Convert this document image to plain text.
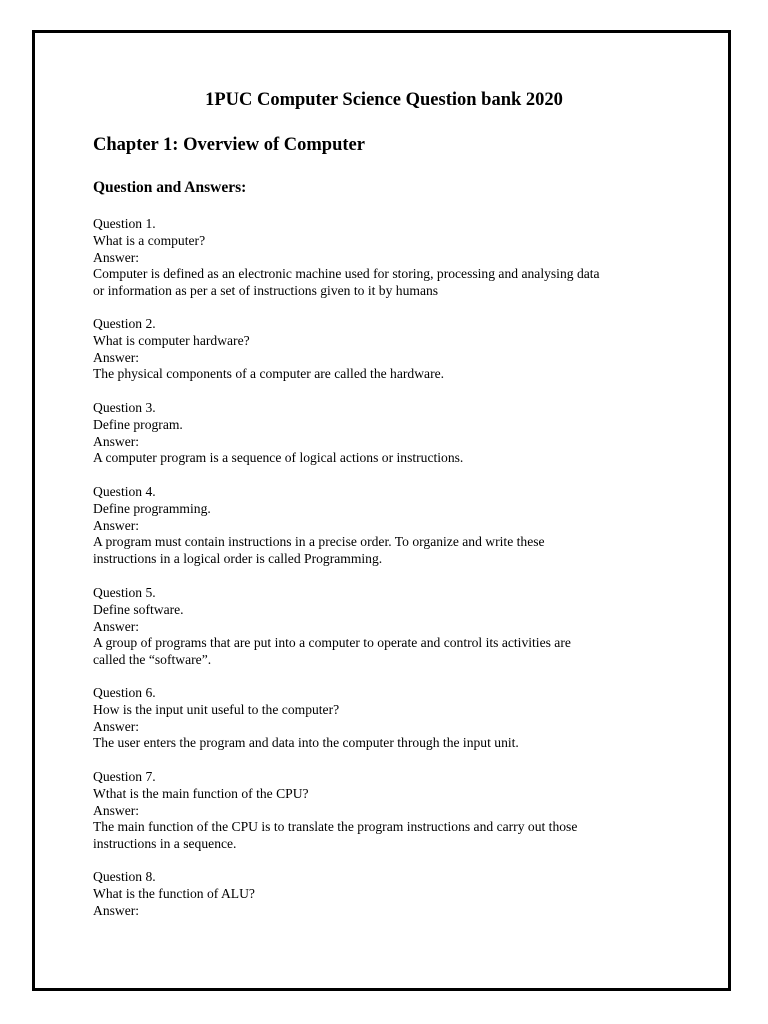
1PUC Computer Science Question bank 2020
Chapter 1: Overview of Computer
Question and Answers:
Question 1.
What is a computer?
Answer:
Computer is defined as an electronic machine used for storing, processing and analysing data
or information as per a set of instructions given to it by humans
Question 2.
What is computer hardware?
Answer:
The physical components of a computer are called the hardware.
Question 3.
Define program.
Answer:
A computer program is a sequence of logical actions or instructions.
Question 4.
Define programming.
Answer:
A program must contain instructions in a precise order. To organize and write these
instructions in a logical order is called Programming.
Question 5.
Define software.
Answer:
A group of programs that are put into a computer to operate and control its activities are
called the “software”.
Question 6.
How is the input unit useful to the computer?
Answer:
The user enters the program and data into the computer through the input unit.
Question 7.
Wthat is the main function of the CPU?
Answer:
The main function of the CPU is to translate the program instructions and carry out those
instructions in a sequence.
Question 8.
What is the function of ALU?
Answer:
